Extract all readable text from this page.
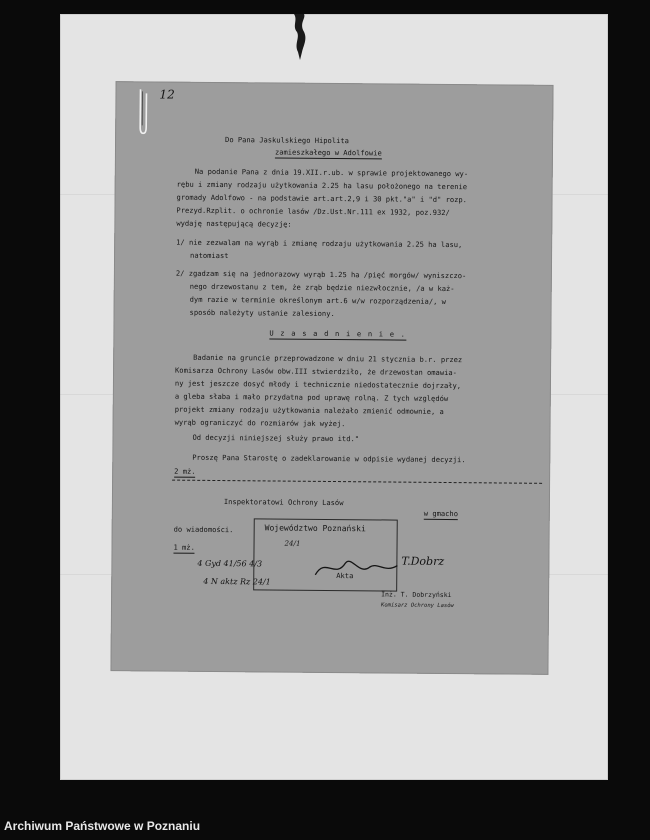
12
Do Pana Jaskulskiego Hipolita
zamieszkałego w Adolfowie
Na podanie Pana z dnia 19.XII.r.ub. w sprawie projektowanego wy-
rębu i zmiany rodzaju użytkowania 2.25 ha lasu położonego na terenie
gromady Adolfowo - na podstawie art.art.2,9 i 30 pkt."a" i "d" rozp.
Prezyd.Rzplit. o ochronie lasów /Dz.Ust.Nr.111 ex 1932, poz.932/
wydaję następującą decyzję:
1/ nie zezwalam na wyrąb i zmianę rodzaju użytkowania 2.25 ha lasu,
natomiast
2/ zgadzam się na jednorazowy wyrąb 1.25 ha /pięć morgów/ wyniszczo-
nego drzewostanu z tem, że zrąb będzie niezwłocznie, /a w każ-
dym razie w terminie określonym art.6 w/w rozporządzenia/, w
sposób należyty ustanie zalesiony.
U z a s a d n i e n i e .
Badanie na gruncie przeprowadzone w dniu 21 stycznia b.r. przez
Komisarza Ochrony Lasów obw.III stwierdziło, że drzewostan omawia-
ny jest jeszcze dosyć młody i technicznie niedostatecznie dojrzały,
a gleba słaba i mało przydatna pod uprawę rolną. Z tych względów
projekt zmiany rodzaju użytkowania należało zmienić odmownie, a
wyrąb ograniczyć do rozmiarów jak wyżej.
Od decyzji niniejszej służy prawo itd."
Proszę Pana Starostę o zadeklarowanie w odpisie wydanej decyzji.
2 mż.
Inspektoratowi Ochrony Lasów
w gmacho
do wiadomości.
1 mż.
Województwo Poznański
24/1
Akta
4 Gyd 41/56 4/3
4 N aktz Rz 24/1
T.Dobrz
Inż. T. Dobrzyński
Komisarz Ochrony Lasów
Archiwum Państwowe w Poznaniu
